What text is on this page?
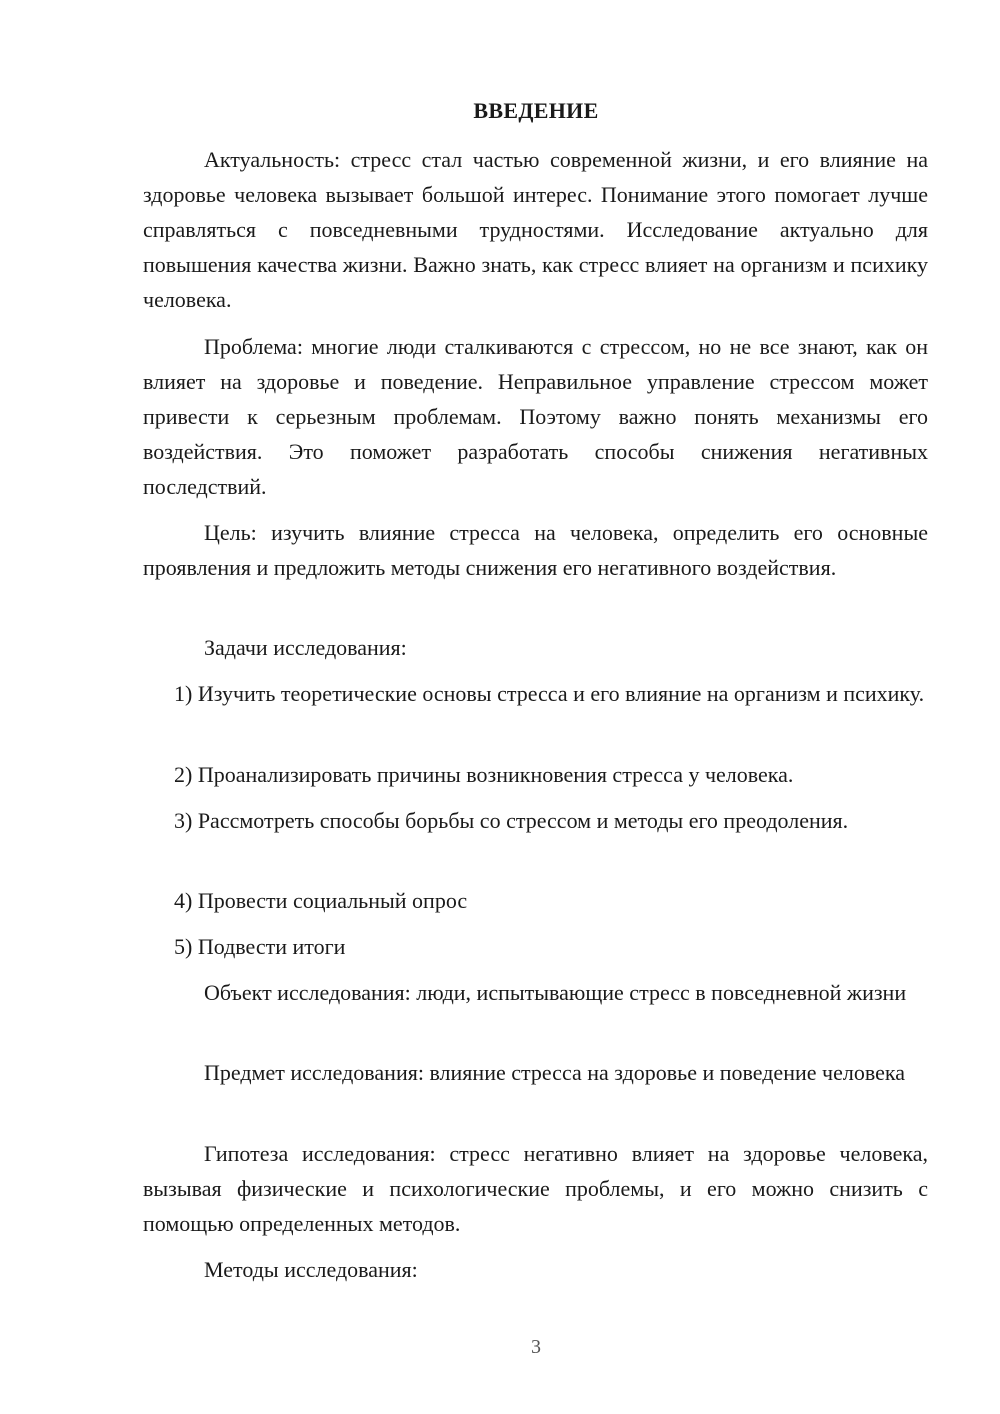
ВВЕДЕНИЕ

Актуальность: стресс стал частью современной жизни, и его влияние на здоровье человека вызывает большой интерес. Понимание этого помогает лучше справляться с повседневными трудностями. Исследование актуально для повышения качества жизни. Важно знать, как стресс влияет на организм и психику человека.

Проблема: многие люди сталкиваются с стрессом, но не все знают, как он влияет на здоровье и поведение. Неправильное управление стрессом может привести к серьезным проблемам. Поэтому важно понять механизмы его воздействия. Это поможет разработать способы снижения негативных последствий.

Цель: изучить влияние стресса на человека, определить его основные проявления и предложить методы снижения его негативного воздействия.

Задачи исследования:

1) Изучить теоретические основы стресса и его влияние на организм и психику.

2) Проанализировать причины возникновения стресса у человека.

3) Рассмотреть способы борьбы со стрессом и методы его преодоления.

4) Провести социальный опрос

5) Подвести итоги

Объект исследования: люди, испытывающие стресс в повседневной жизни

Предмет исследования: влияние стресса на здоровье и поведение человека

Гипотеза исследования: стресс негативно влияет на здоровье человека, вызывая физические и психологические проблемы, и его можно снизить с помощью определенных методов.

Методы исследования:

3
